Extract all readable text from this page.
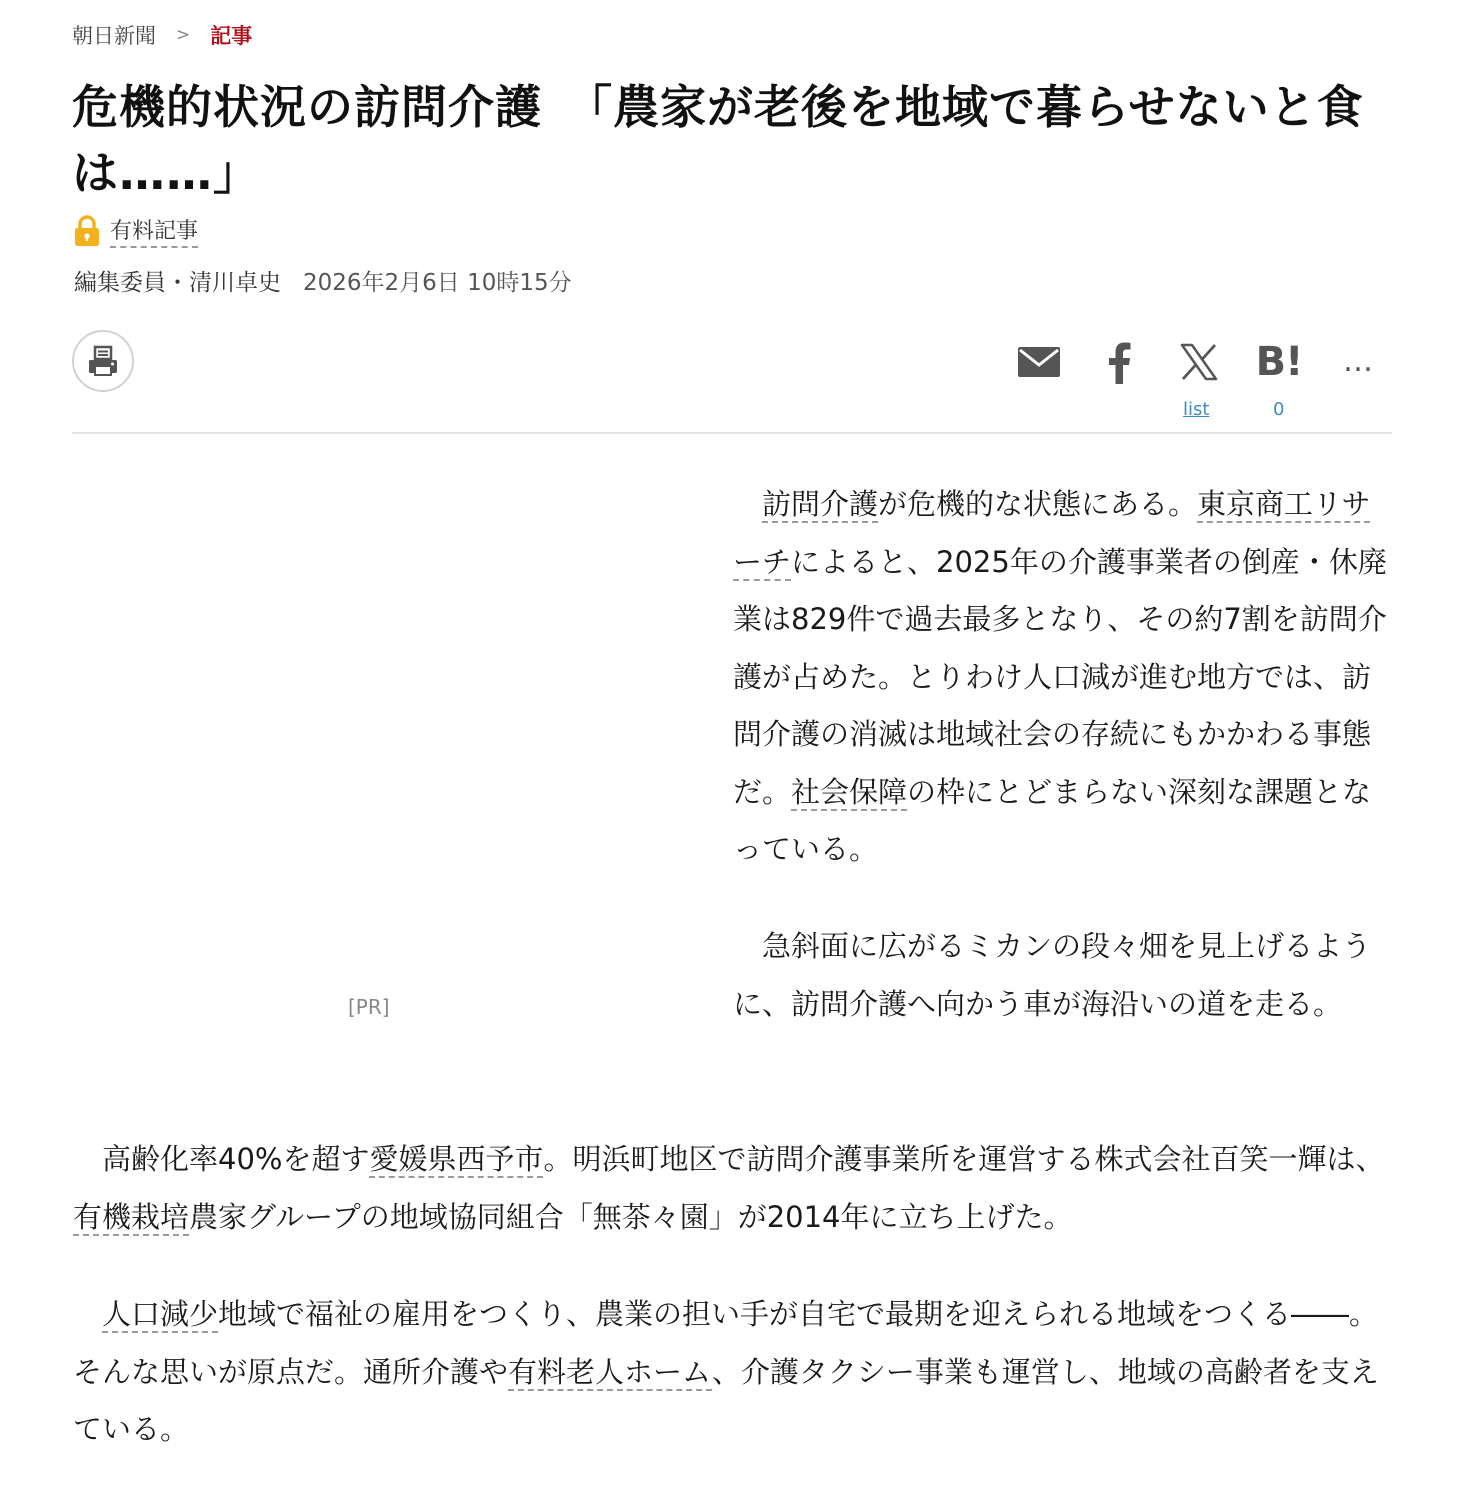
朝日新聞 > 記事
危機的状況の訪問介護　「農家が老後を地域で暮らせないと食は……」
有料記事
編集委員・清川卓史 2026年2月6日 10時15分
B! …
list	0
[PR]

訪問介護が危機的な状態にある。東京商工リサーチによると、2025年の介護事業者の倒産・休廃業は829件で過去最多となり、その約7割を訪問介護が占めた。とりわけ人口減が進む地方では、訪問介護の消滅は地域社会の存続にもかかわる事態だ。社会保障の枠にとどまらない深刻な課題となっている。

急斜面に広がるミカンの段々畑を見上げるように、訪問介護へ向かう車が海沿いの道を走る。

高齢化率40%を超す愛媛県西予市。明浜町地区で訪問介護事業所を運営する株式会社百笑一輝は、有機栽培農家グループの地域協同組合「無茶々園」が2014年に立ち上げた。

人口減少地域で福祉の雇用をつくり、農業の担い手が自宅で最期を迎えられる地域をつくる――。そんな思いが原点だ。通所介護や有料老人ホーム、介護タクシー事業も運営し、地域の高齢者を支えている。
